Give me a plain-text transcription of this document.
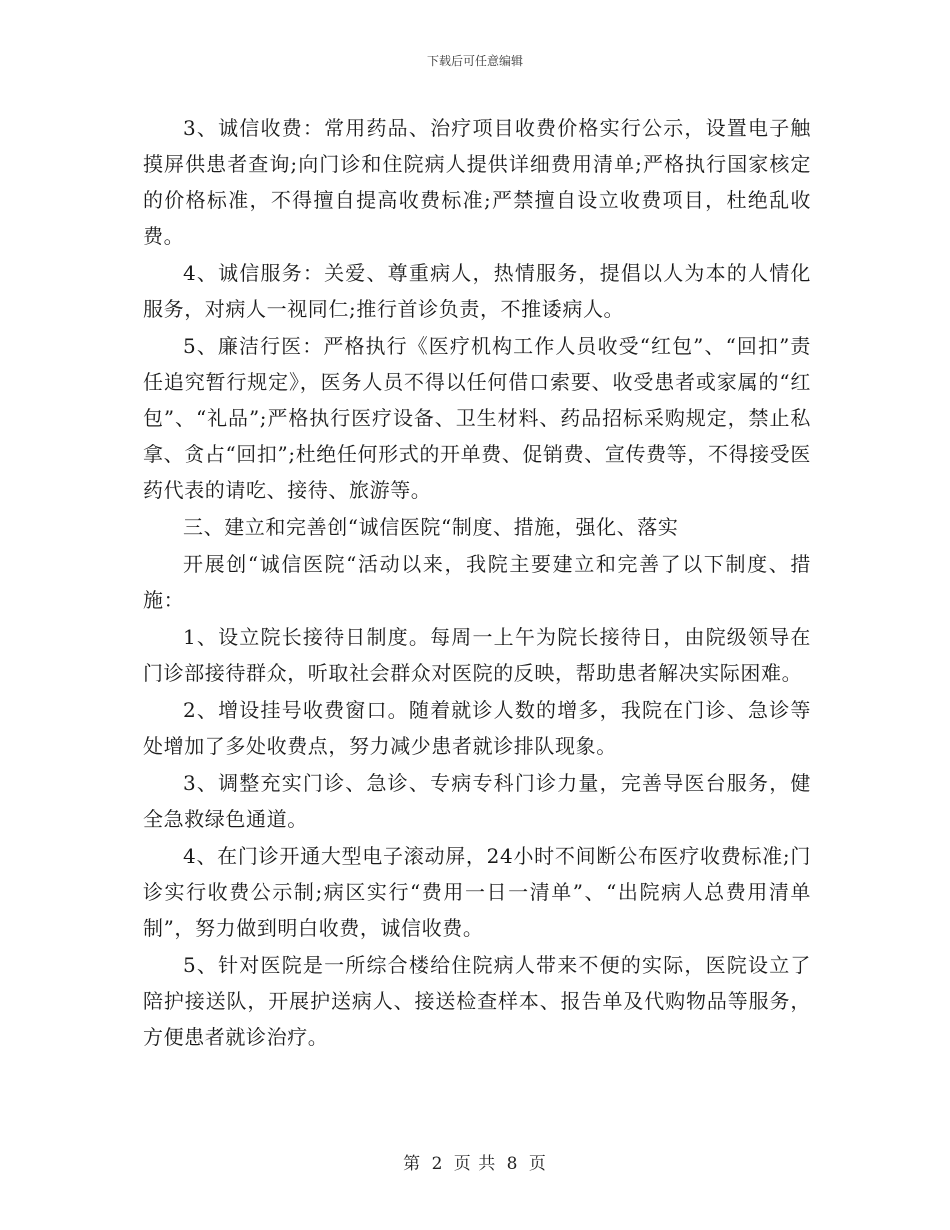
下载后可任意编辑

3、诚信收费：常用药品、治疗项目收费价格实行公示，设置电子触摸屏供患者查询;向门诊和住院病人提供详细费用清单;严格执行国家核定的价格标准，不得擅自提高收费标准;严禁擅自设立收费项目，杜绝乱收费。

4、诚信服务：关爱、尊重病人，热情服务，提倡以人为本的人情化服务，对病人一视同仁;推行首诊负责，不推诿病人。

5、廉洁行医：严格执行《医疗机构工作人员收受“红包”、“回扣”责任追究暂行规定》，医务人员不得以任何借口索要、收受患者或家属的“红包”、“礼品”;严格执行医疗设备、卫生材料、药品招标采购规定，禁止私拿、贪占“回扣”;杜绝任何形式的开单费、促销费、宣传费等，不得接受医药代表的请吃、接待、旅游等。

三、建立和完善创“诚信医院“制度、措施，强化、落实

开展创“诚信医院“活动以来，我院主要建立和完善了以下制度、措施：

1、设立院长接待日制度。每周一上午为院长接待日，由院级领导在门诊部接待群众，听取社会群众对医院的反映，帮助患者解决实际困难。

2、增设挂号收费窗口。随着就诊人数的增多，我院在门诊、急诊等处增加了多处收费点，努力减少患者就诊排队现象。

3、调整充实门诊、急诊、专病专科门诊力量，完善导医台服务，健全急救绿色通道。

4、在门诊开通大型电子滚动屏，24小时不间断公布医疗收费标准;门诊实行收费公示制;病区实行“费用一日一清单”、“出院病人总费用清单制”，努力做到明白收费，诚信收费。

5、针对医院是一所综合楼给住院病人带来不便的实际，医院设立了陪护接送队，开展护送病人、接送检查样本、报告单及代购物品等服务，方便患者就诊治疗。

第 2 页 共 8 页
